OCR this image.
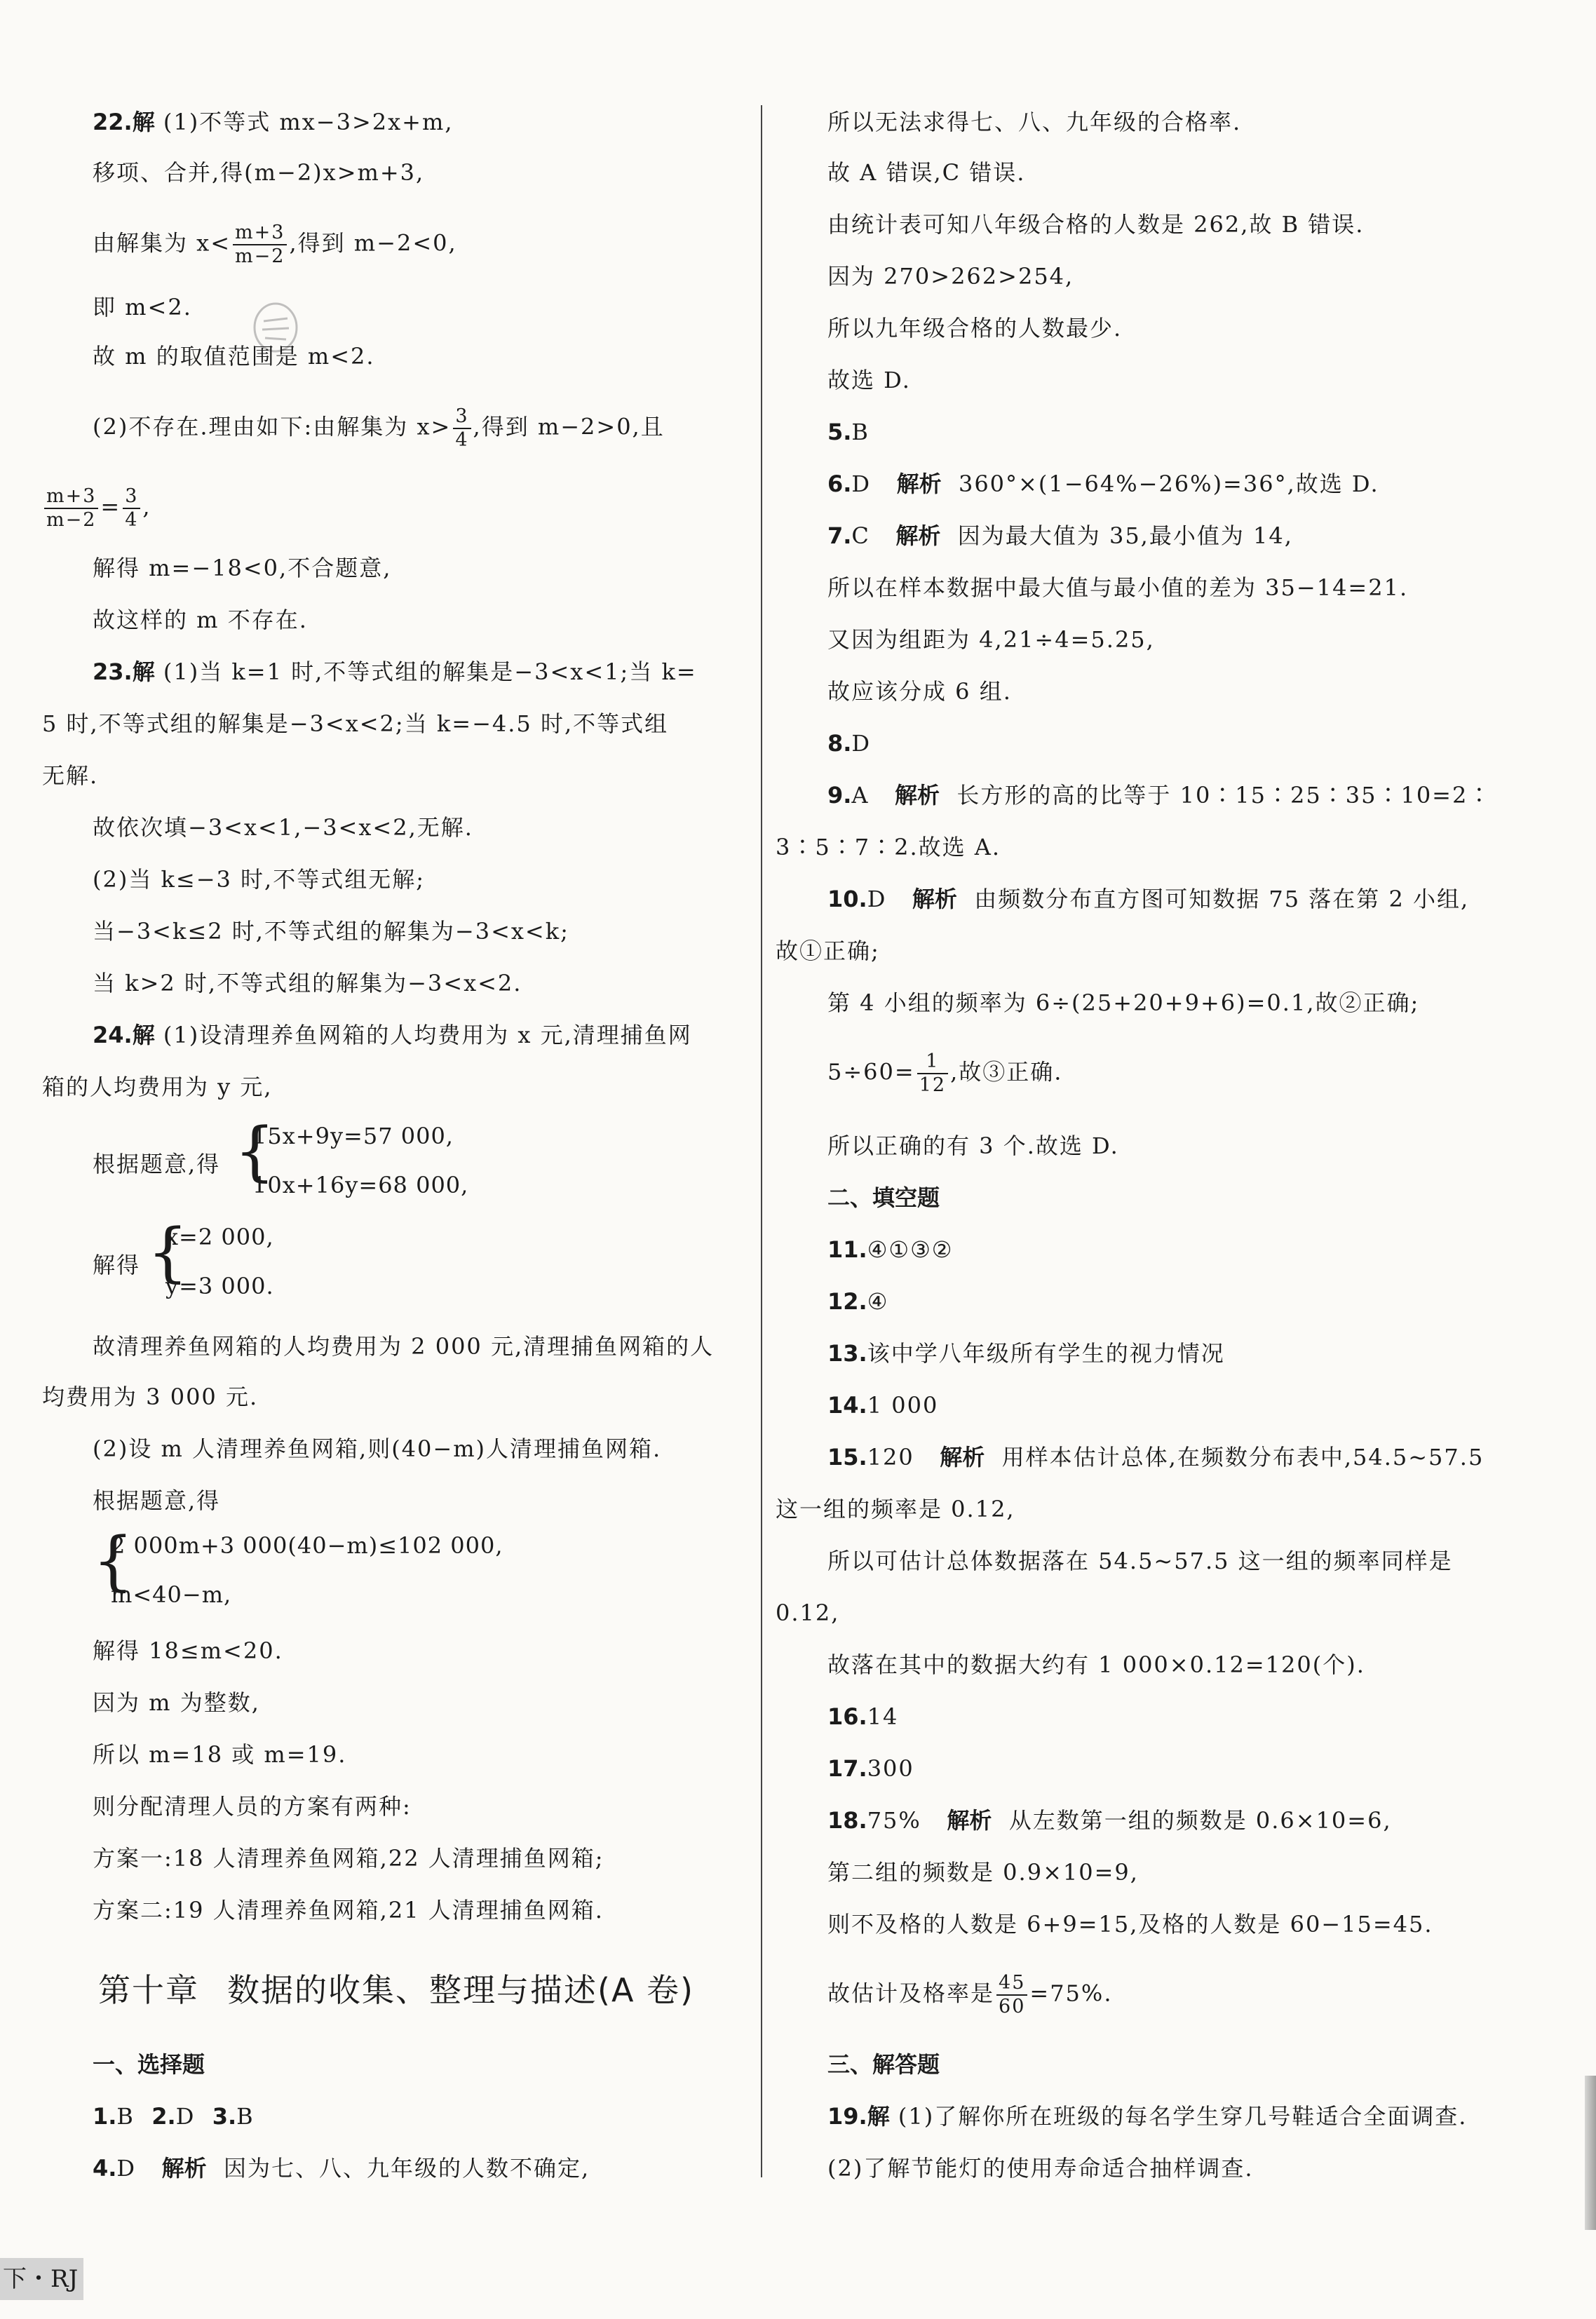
22.解 (1)不等式 mx−3>2x+m,
移项、合并,得(m−2)x>m+3,
由解集为 $x< \frac{m+3}{m-2}$ ,得到 m−2<0,
即 m<2.
故 m 的取值范围是 m<2.
(2)不存在.理由如下:由解集为 $x> \frac{3}{4}$ ,得到 m−2>0,且
$\frac{m+3}{m-2} = \frac{3}{4}$ ,
解得 m=−18<0,不合题意,
故这样的 m 不存在.
23.解 (1)当 k=1 时,不等式组的解集是−3<x<1;当 k=
5 时,不等式组的解集是−3<x<2;当 k=−4.5 时,不等式组
无解.
故依次填−3<x<1,−3<x<2,无解.
(2)当 k≤−3 时,不等式组无解;
当−3<k≤2 时,不等式组的解集为−3<x<k;
当 k>2 时,不等式组的解集为−3<x<2.
24.解 (1)设清理养鱼网箱的人均费用为 x 元,清理捕鱼网
箱的人均费用为 y 元,
根据题意,得 {
15x+9y=57 000,
10x+16y=68 000,
解得 {
x=2 000,
y=3 000.
故清理养鱼网箱的人均费用为 2 000 元,清理捕鱼网箱的人
均费用为 3 000 元.
(2)设 m 人清理养鱼网箱,则(40−m)人清理捕鱼网箱.
根据题意,得
{
2 000m+3 000(40−m)≤102 000,
m<40−m,
解得 18≤m<20.
因为 m 为整数,
所以 m=18 或 m=19.
则分配清理人员的方案有两种:
方案一:18 人清理养鱼网箱,22 人清理捕鱼网箱;
方案二:19 人清理养鱼网箱,21 人清理捕鱼网箱.
第十章 数据的收集、整理与描述(A 卷)
一、选择题
1.B 2.D 3.B
4.D 解析 因为七、八、九年级的人数不确定,
所以无法求得七、八、九年级的合格率.
故 A 错误,C 错误.
由统计表可知八年级合格的人数是 262,故 B 错误.
因为 270>262>254,
所以九年级合格的人数最少.
故选 D.
5.B
6.D 解析 360°×(1−64%−26%)=36°,故选 D.
7.C 解析 因为最大值为 35,最小值为 14,
所以在样本数据中最大值与最小值的差为 35−14=21.
又因为组距为 4,21÷4=5.25,
故应该分成 6 组.
8.D
9.A 解析 长方形的高的比等于 10∶15∶25∶35∶10=2∶
3∶5∶7∶2.故选 A.
10.D 解析 由频数分布直方图可知数据 75 落在第 2 小组,
故①正确;
第 4 小组的频率为 6÷(25+20+9+6)=0.1,故②正确;
$5\div 60= \frac{1}{12}$ ,故③正确.
所以正确的有 3 个.故选 D.
二、填空题
11.④①③②
12.④
13.该中学八年级所有学生的视力情况
14.1 000
15.120 解析 用样本估计总体,在频数分布表中,54.5~57.5
这一组的频率是 0.12,
所以可估计总体数据落在 54.5~57.5 这一组的频率同样是
0.12,
故落在其中的数据大约有 1 000×0.12=120(个).
16.14
17.300
18.75% 解析 从左数第一组的频数是 0.6×10=6,
第二组的频数是 0.9×10=9,
则不及格的人数是 6+9=15,及格的人数是 60−15=45.
故估计及格率是 $\frac{45}{60} =75\%$.
三、解答题
19.解 (1)了解你所在班级的每名学生穿几号鞋适合全面调查.
(2)了解节能灯的使用寿命适合抽样调查.
下・RJ
